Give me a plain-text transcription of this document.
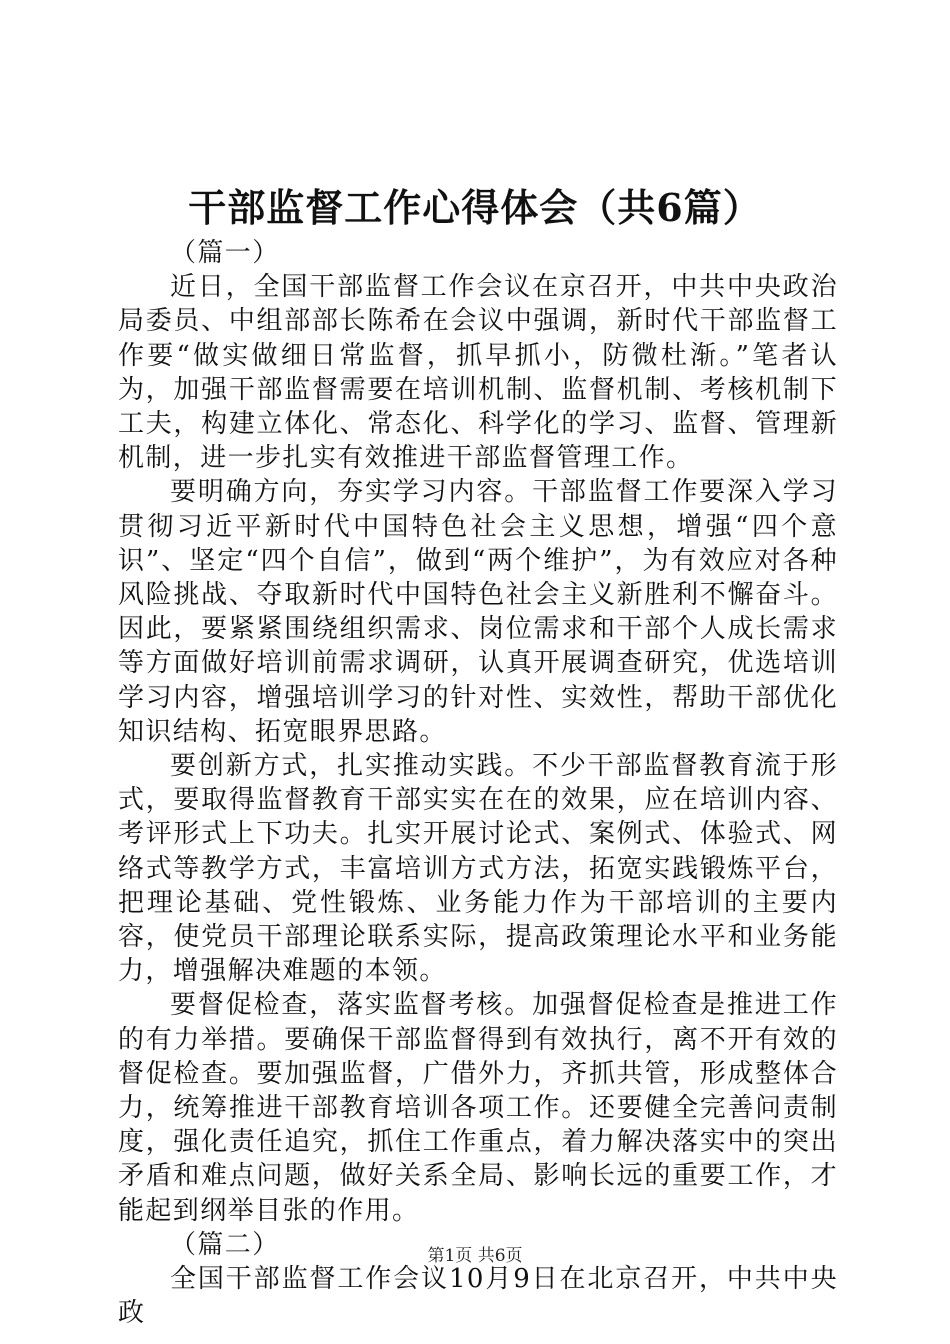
干部监督工作心得体会（共6篇）
（篇一）

近日，全国干部监督工作会议在京召开，中共中央政治局委员、中组部部长陈希在会议中强调，新时代干部监督工作要“做实做细日常监督，抓早抓小，防微杜渐。”笔者认为，加强干部监督需要在培训机制、监督机制、考核机制下工夫，构建立体化、常态化、科学化的学习、监督、管理新机制，进一步扎实有效推进干部监督管理工作。

要明确方向，夯实学习内容。干部监督工作要深入学习贯彻习近平新时代中国特色社会主义思想，增强“四个意识”、坚定“四个自信”，做到“两个维护”，为有效应对各种风险挑战、夺取新时代中国特色社会主义新胜利不懈奋斗。因此，要紧紧围绕组织需求、岗位需求和干部个人成长需求等方面做好培训前需求调研，认真开展调查研究，优选培训学习内容，增强培训学习的针对性、实效性，帮助干部优化知识结构、拓宽眼界思路。

要创新方式，扎实推动实践。不少干部监督教育流于形式，要取得监督教育干部实实在在的效果，应在培训内容、考评形式上下功夫。扎实开展讨论式、案例式、体验式、网络式等教学方式，丰富培训方式方法，拓宽实践锻炼平台，把理论基础、党性锻炼、业务能力作为干部培训的主要内容，使党员干部理论联系实际，提高政策理论水平和业务能力，增强解决难题的本领。

要督促检查，落实监督考核。加强督促检查是推进工作的有力举措。要确保干部监督得到有效执行，离不开有效的督促检查。要加强监督，广借外力，齐抓共管，形成整体合力，统筹推进干部教育培训各项工作。还要健全完善问责制度，强化责任追究，抓住工作重点，着力解决落实中的突出矛盾和难点问题，做好关系全局、影响长远的重要工作，才能起到纲举目张的作用。

（篇二）

全国干部监督工作会议10月9日在北京召开，中共中央政

第1页 共6页
